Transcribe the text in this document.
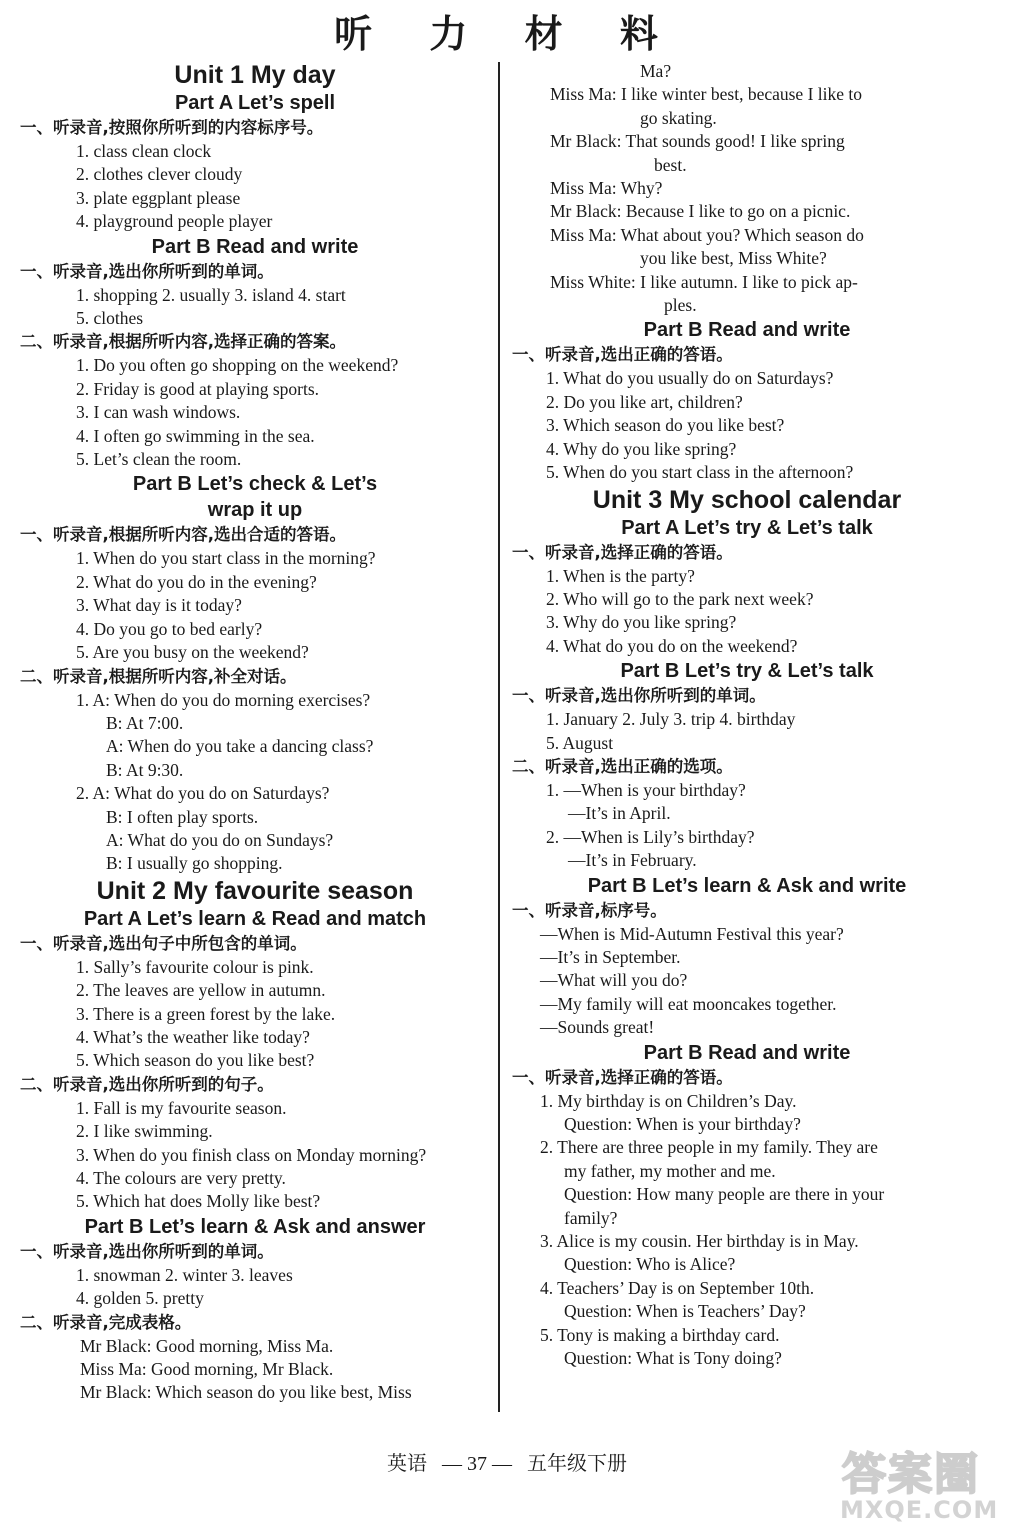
听 力 材 料
Unit 1 My day
Part A Let’s spell
一、听录音,按照你所听到的内容标序号。
1. class clean clock
2. clothes clever cloudy
3. plate eggplant please
4. playground people player
Part B Read and write
一、听录音,选出你所听到的单词。
1. shopping 2. usually 3. island 4. start
5. clothes
二、听录音,根据所听内容,选择正确的答案。
1. Do you often go shopping on the weekend?
2. Friday is good at playing sports.
3. I can wash windows.
4. I often go swimming in the sea.
5. Let’s clean the room.
Part B Let’s check & Let’s
wrap it up
一、听录音,根据所听内容,选出合适的答语。
1. When do you start class in the morning?
2. What do you do in the evening?
3. What day is it today?
4. Do you go to bed early?
5. Are you busy on the weekend?
二、听录音,根据所听内容,补全对话。
1. A: When do you do morning exercises?
B: At 7:00.
A: When do you take a dancing class?
B: At 9:30.
2. A: What do you do on Saturdays?
B: I often play sports.
A: What do you do on Sundays?
B: I usually go shopping.
Unit 2 My favourite season
Part A Let’s learn & Read and match
一、听录音,选出句子中所包含的单词。
1. Sally’s favourite colour is pink.
2. The leaves are yellow in autumn.
3. There is a green forest by the lake.
4. What’s the weather like today?
5. Which season do you like best?
二、听录音,选出你所听到的句子。
1. Fall is my favourite season.
2. I like swimming.
3. When do you finish class on Monday morning?
4. The colours are very pretty.
5. Which hat does Molly like best?
Part B Let’s learn & Ask and answer
一、听录音,选出你所听到的单词。
1. snowman 2. winter 3. leaves
4. golden 5. pretty
二、听录音,完成表格。
Mr Black: Good morning, Miss Ma.
Miss Ma: Good morning, Mr Black.
Mr Black: Which season do you like best, Miss
Ma?
Miss Ma: I like winter best, because I like to
go skating.
Mr Black: That sounds good! I like spring
best.
Miss Ma: Why?
Mr Black: Because I like to go on a picnic.
Miss Ma: What about you? Which season do
you like best, Miss White?
Miss White: I like autumn. I like to pick ap-
ples.
Part B Read and write
一、听录音,选出正确的答语。
1. What do you usually do on Saturdays?
2. Do you like art, children?
3. Which season do you like best?
4. Why do you like spring?
5. When do you start class in the afternoon?
Unit 3 My school calendar
Part A Let’s try & Let’s talk
一、听录音,选择正确的答语。
1. When is the party?
2. Who will go to the park next week?
3. Why do you like spring?
4. What do you do on the weekend?
Part B Let’s try & Let’s talk
一、听录音,选出你所听到的单词。
1. January 2. July 3. trip 4. birthday
5. August
二、听录音,选出正确的选项。
1. —When is your birthday?
—It’s in April.
2. —When is Lily’s birthday?
—It’s in February.
Part B Let’s learn & Ask and write
一、听录音,标序号。
—When is Mid-Autumn Festival this year?
—It’s in September.
—What will you do?
—My family will eat mooncakes together.
—Sounds great!
Part B Read and write
一、听录音,选择正确的答语。
1. My birthday is on Children’s Day.
Question: When is your birthday?
2. There are three people in my family. They are
my father, my mother and me.
Question: How many people are there in your
family?
3. Alice is my cousin. Her birthday is in May.
Question: Who is Alice?
4. Teachers’ Day is on September 10th.
Question: When is Teachers’ Day?
5. Tony is making a birthday card.
Question: What is Tony doing?
英语 — 37 — 五年级下册	答案圈
MXQE.COM
